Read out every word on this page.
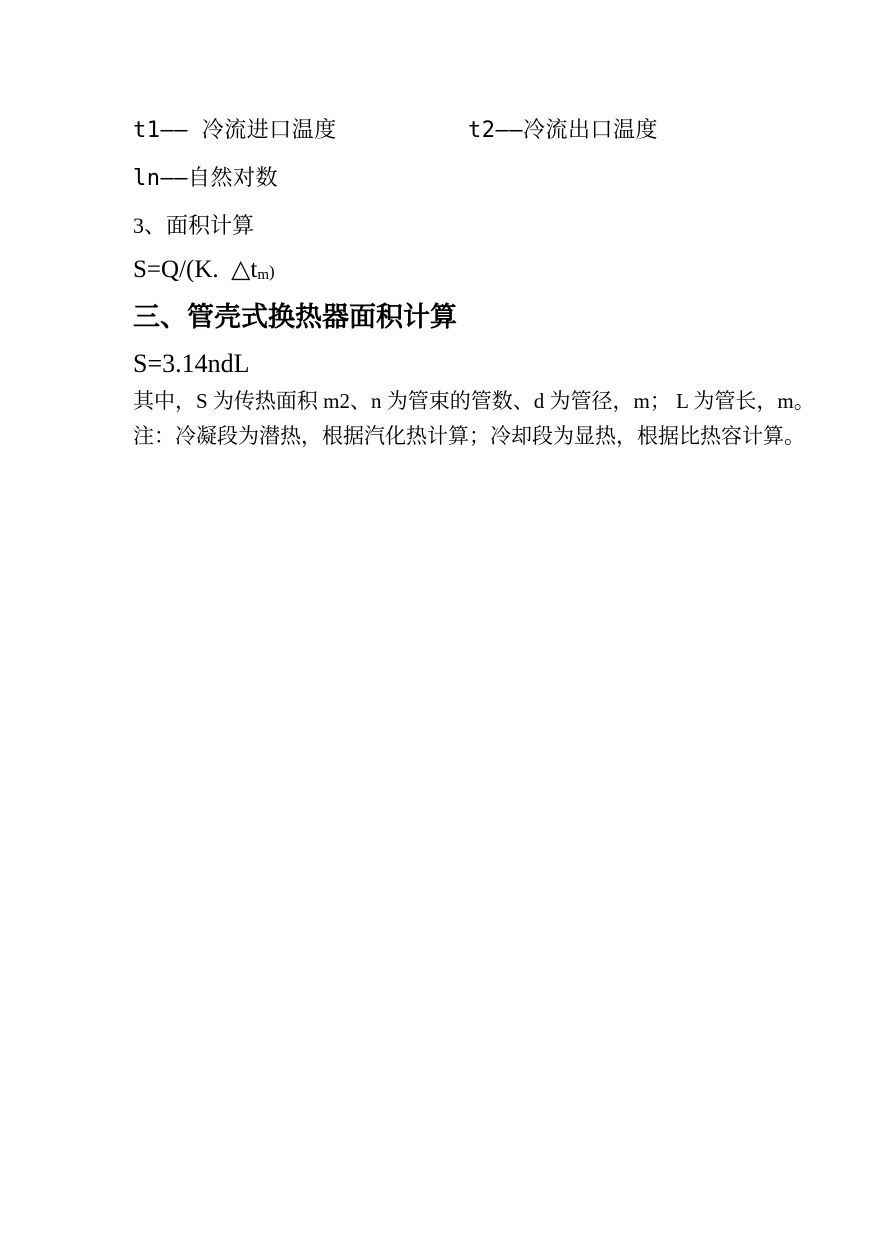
t1—— 冷流进口温度	t2——冷流出口温度
ln——自然对数
3、面积计算
S=Q/(K.  $\triangle t_m$)
三、管壳式换热器面积计算
S=3.14ndL
其中，S 为传热面积 m2、n 为管束的管数、d 为管径，m； L 为管长，m。
注：冷凝段为潜热，根据汽化热计算；冷却段为显热，根据比热容计算。
